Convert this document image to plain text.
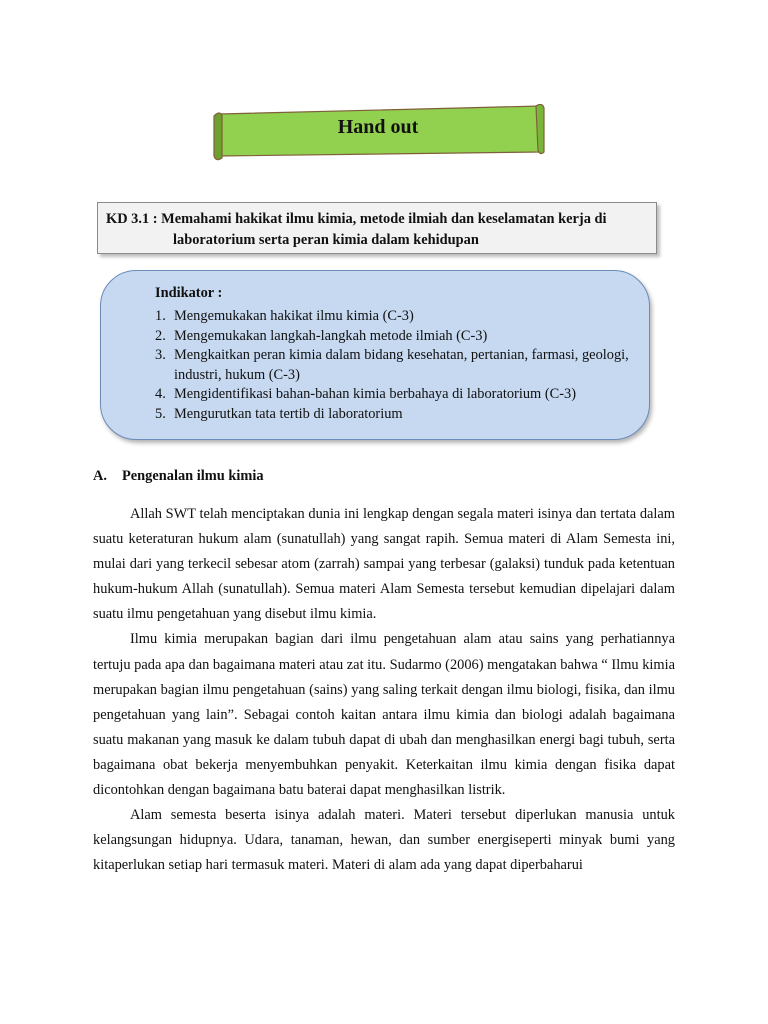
Hand out
KD 3.1 : Memahami hakikat ilmu kimia, metode ilmiah dan keselamatan kerja di
laboratorium serta peran kimia dalam kehidupan
Indikator :
1. Mengemukakan hakikat ilmu kimia (C-3)
2. Mengemukakan langkah-langkah metode ilmiah (C-3)
3. Mengkaitkan peran kimia dalam bidang kesehatan, pertanian, farmasi, geologi, industri, hukum (C-3)
4. Mengidentifikasi bahan-bahan kimia berbahaya di laboratorium (C-3)
5. Mengurutkan tata tertib di laboratorium
A. Pengenalan ilmu kimia

Allah SWT telah menciptakan dunia ini lengkap dengan segala materi isinya dan tertata dalam suatu keteraturan hukum alam (sunatullah) yang sangat rapih. Semua materi di Alam Semesta ini, mulai dari yang terkecil sebesar atom (zarrah) sampai yang terbesar (galaksi) tunduk pada ketentuan hukum-hukum Allah (sunatullah). Semua materi Alam Semesta tersebut kemudian dipelajari dalam suatu ilmu pengetahuan yang disebut ilmu kimia.

Ilmu kimia merupakan bagian dari ilmu pengetahuan alam atau sains yang perhatiannya tertuju pada apa dan bagaimana materi atau zat itu. Sudarmo (2006) mengatakan bahwa “ Ilmu kimia merupakan bagian ilmu pengetahuan (sains) yang saling terkait dengan ilmu biologi, fisika, dan ilmu pengetahuan yang lain”. Sebagai contoh kaitan antara ilmu kimia dan biologi adalah bagaimana suatu makanan yang masuk ke dalam tubuh dapat di ubah dan menghasilkan energi bagi tubuh, serta bagaimana obat bekerja menyembuhkan penyakit. Keterkaitan ilmu kimia dengan fisika dapat dicontohkan dengan bagaimana batu baterai dapat menghasilkan listrik.

Alam semesta beserta isinya adalah materi. Materi tersebut diperlukan manusia untuk kelangsungan hidupnya. Udara, tanaman, hewan, dan sumber energiseperti minyak bumi yang kitaperlukan setiap hari termasuk materi. Materi di alam ada yang dapat diperbaharui
